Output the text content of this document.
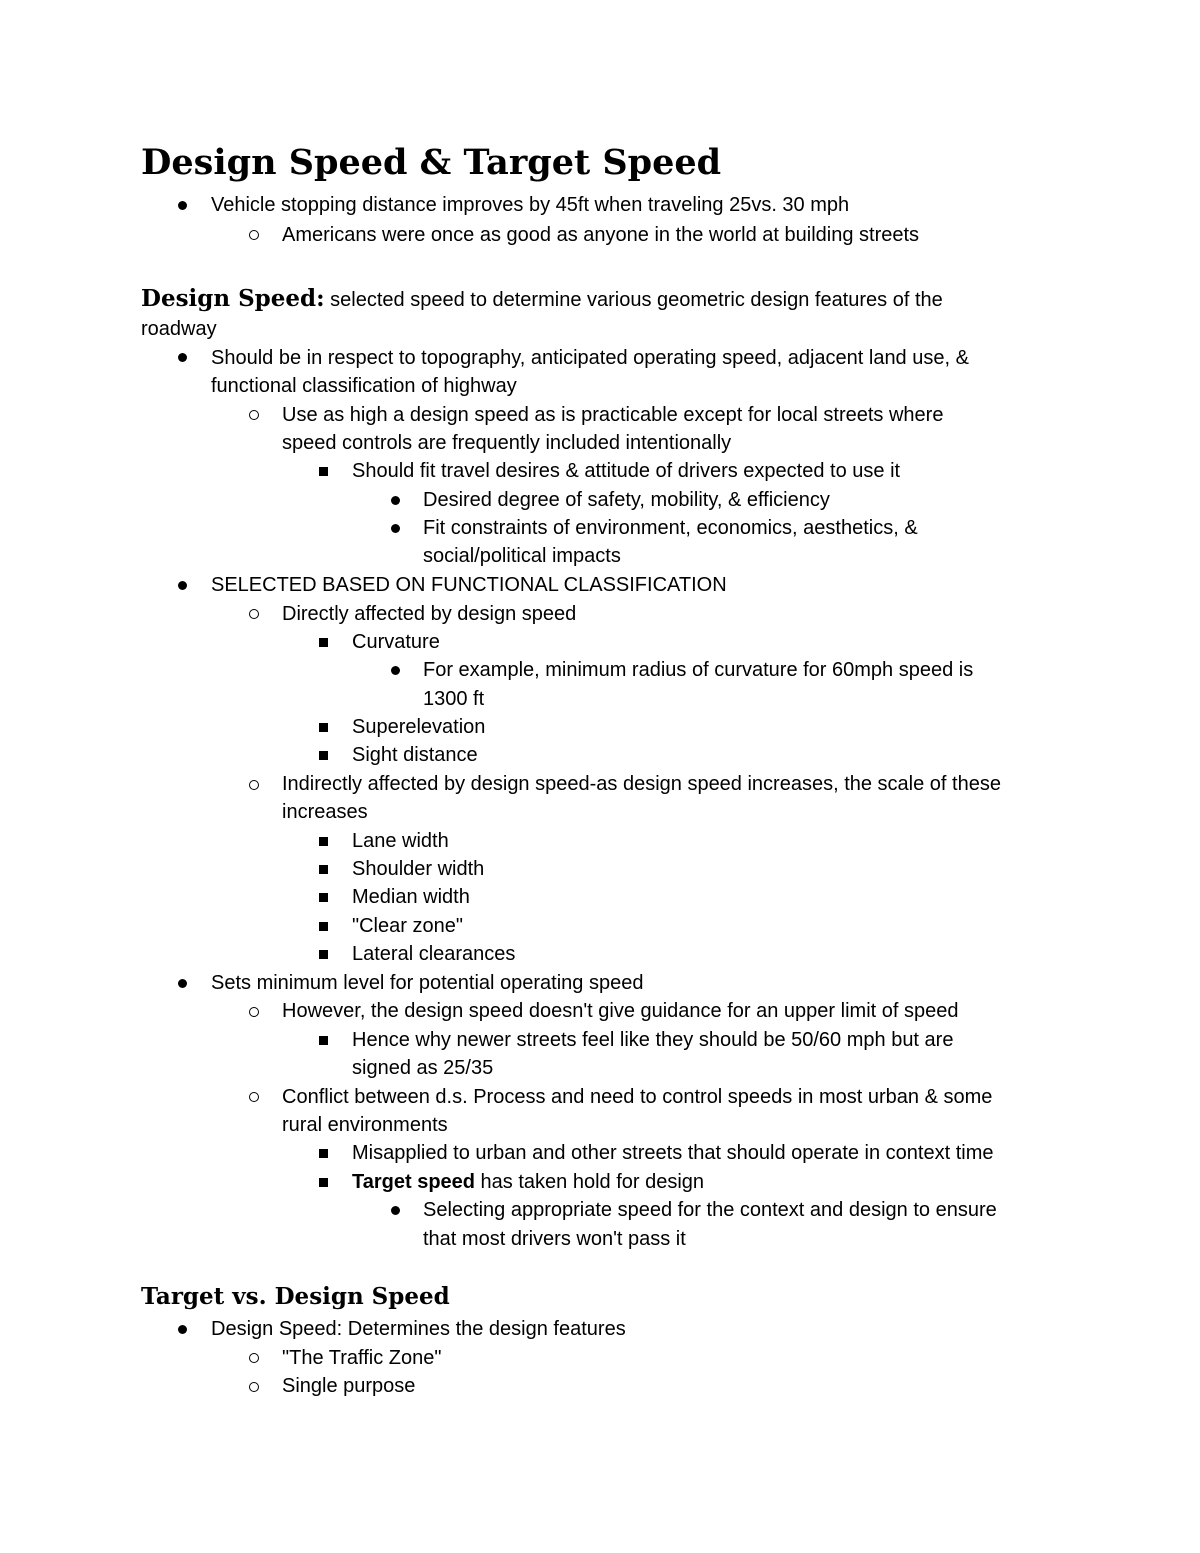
Design Speed & Target Speed
Vehicle stopping distance improves by 45ft when traveling 25vs. 30 mph
Americans were once as good as anyone in the world at building streets

Design Speed: selected speed to determine various geometric design features of the roadway

Should be in respect to topography, anticipated operating speed, adjacent land use, &
functional classification of highway
Use as high a design speed as is practicable except for local streets where
speed controls are frequently included intentionally
Should fit travel desires & attitude of drivers expected to use it
Desired degree of safety, mobility, & efficiency
Fit constraints of environment, economics, aesthetics, &
social/political impacts
SELECTED BASED ON FUNCTIONAL CLASSIFICATION
Directly affected by design speed
Curvature
For example, minimum radius of curvature for 60mph speed is
1300 ft
Superelevation
Sight distance
Indirectly affected by design speed-as design speed increases, the scale of these
increases
Lane width
Shoulder width
Median width
"Clear zone"
Lateral clearances
Sets minimum level for potential operating speed
However, the design speed doesn't give guidance for an upper limit of speed
Hence why newer streets feel like they should be 50/60 mph but are
signed as 25/35
Conflict between d.s. Process and need to control speeds in most urban & some
rural environments
Misapplied to urban and other streets that should operate in context time
Target speed has taken hold for design
Selecting appropriate speed for the context and design to ensure
that most drivers won't pass it
Target vs. Design Speed
Design Speed: Determines the design features
"The Traffic Zone"
Single purpose
